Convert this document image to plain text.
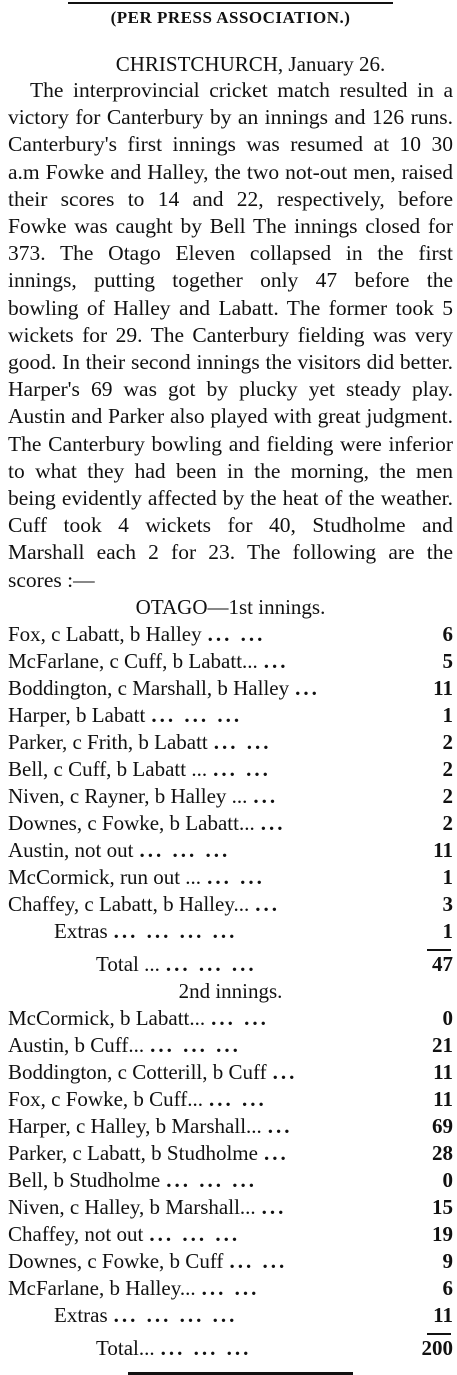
(PER PRESS ASSOCIATION.)
CHRISTCHURCH, January 26.

The interprovincial cricket match resulted in a victory for Canterbury by an innings and 126 runs. Canterbury's first innings was resumed at 10 30 a.m Fowke and Halley, the two not-out men, raised their scores to 14 and 22, respectively, before Fowke was caught by Bell The innings closed for 373. The Otago Eleven collapsed in the first innings, putting together only 47 before the bowling of Halley and Labatt. The former took 5 wickets for 29. The Canterbury fielding was very good. In their second innings the visitors did better. Harper's 69 was got by plucky yet steady play. Austin and Parker also played with great judgment. The Canterbury bowling and fielding were inferior to what they had been in the morning, the men being evidently affected by the heat of the weather. Cuff took 4 wickets for 40, Studholme and Marshall each 2 for 23. The following are the scores :—

OTAGO—1st innings.
Fox, c Labatt, b Halley ... ...	6
McFarlane, c Cuff, b Labatt... ...	5
Boddington, c Marshall, b Halley ...	11
Harper, b Labatt ... ... ...	1
Parker, c Frith, b Labatt ... ...	2
Bell, c Cuff, b Labatt ... ... ...	2
Niven, c Rayner, b Halley ... ...	2
Downes, c Fowke, b Labatt... ...	2
Austin, not out ... ... ...	11
McCormick, run out ... ... ...	1
Chaffey, c Labatt, b Halley... ...	3
Extras ... ... ... ...	1
Total ... ... ... ...	47
2nd innings.
McCormick, b Labatt... ... ...	0
Austin, b Cuff... ... ... ...	21
Boddington, c Cotterill, b Cuff ...	11
Fox, c Fowke, b Cuff... ... ...	11
Harper, c Halley, b Marshall... ...	69
Parker, c Labatt, b Studholme ...	28
Bell, b Studholme ... ... ...	0
Niven, c Halley, b Marshall... ...	15
Chaffey, not out ... ... ...	19
Downes, c Fowke, b Cuff ... ...	9
McFarlane, b Halley... ... ...	6
Extras ... ... ... ...	11
Total... ... ... ...	200
